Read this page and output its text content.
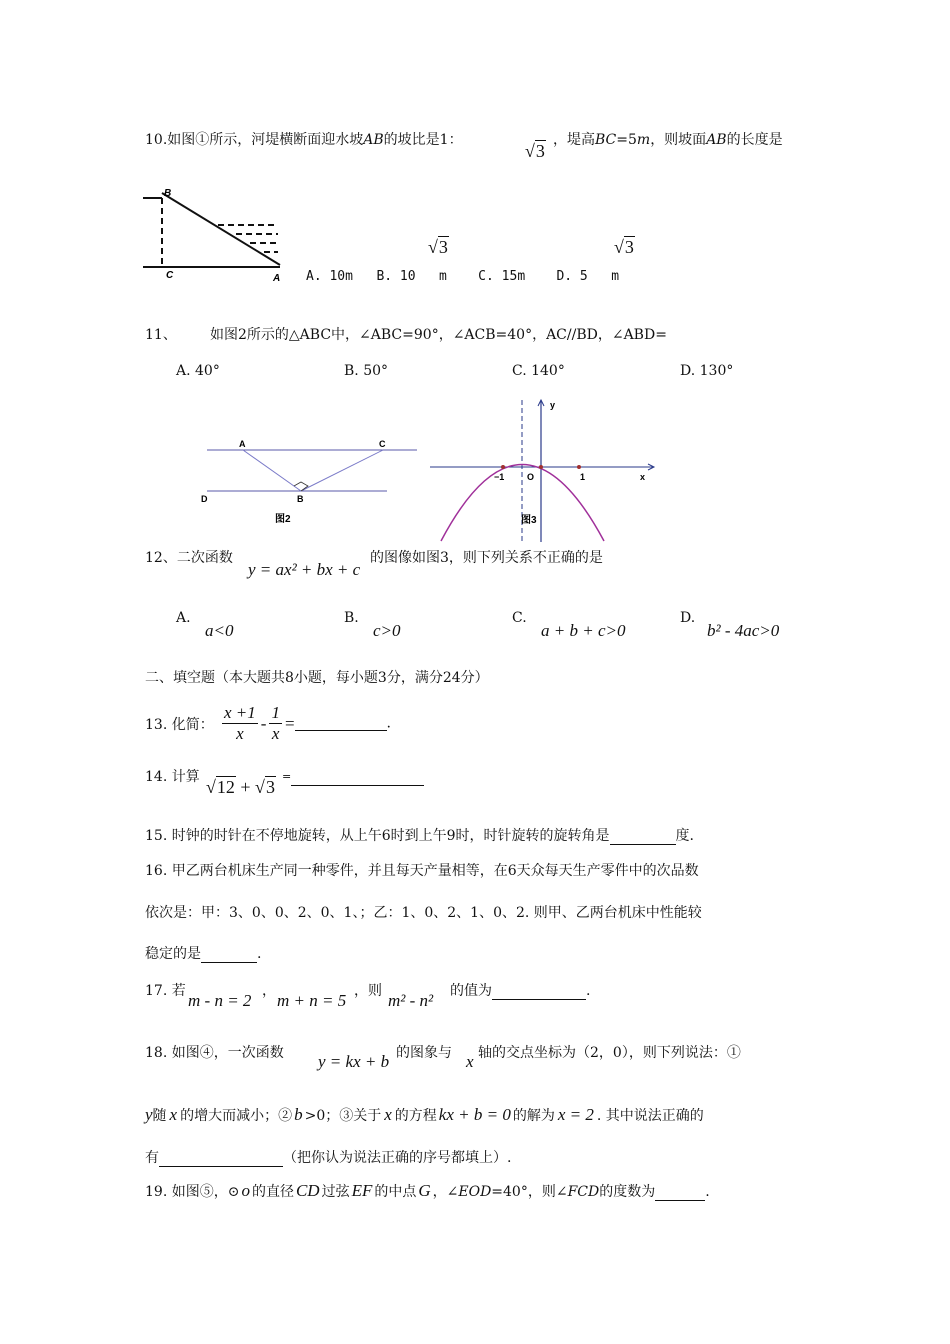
10.如图①所示，河堤横断面迎水坡AB的坡比是1：
√3
，堤高BC=5m，则坡面AB的长度是
B
C	A
√3	√3
A. 10m   B. 10   m    C. 15m    D. 5   m
11、 如图2所示的△ABC中，∠ABC=90°，∠ACB=40°，AC//BD，∠ABD=
A. 40°	B. 50°	C. 140°	D. 130°
A	C
D	B
图2
y
x
−1	O	1
图3
12、二次函数
y = ax² + bx + c
的图像如图3，则下列关系不正确的是
A.
a<0
B.
c>0
C.
a + b + c>0
D.
b² - 4ac>0
二、填空题（本大题共8小题，每小题3分，满分24分）
13. 化简： $\frac{x +1}{x} - \frac{1}{x}$ =	.
14. 计算 √12 + √3
=
15. 时钟的时针在不停地旋转，从上午6时到上午9时，时针旋转的旋转角是	度.
16. 甲乙两台机床生产同一种零件，并且每天产量相等，在6天众每天生产零件中的次品数
依次是：甲：3、0、0、2、0、1、；乙：1、0、2、1、0、2. 则甲、乙两台机床中性能较
稳定的是	.
17. 若 m - n = 2 ， m + n = 5 ，则 m² - n² 的值为	.
18. 如图④，一次函数 y = kx + b 的图象与 x 轴的交点坐标为（2，0），则下列说法：①
y随 x 的增大而减小；② b >0；③关于 x 的方程 kx + b = 0 的解为 x = 2 . 其中说法正确的
有	（把你认为说法正确的序号都填上）.
19. 如图⑤，⊙ o 的直径 CD 过弦 EF 的中点 G ，∠EOD=40°，则∠FCD的度数为	.
